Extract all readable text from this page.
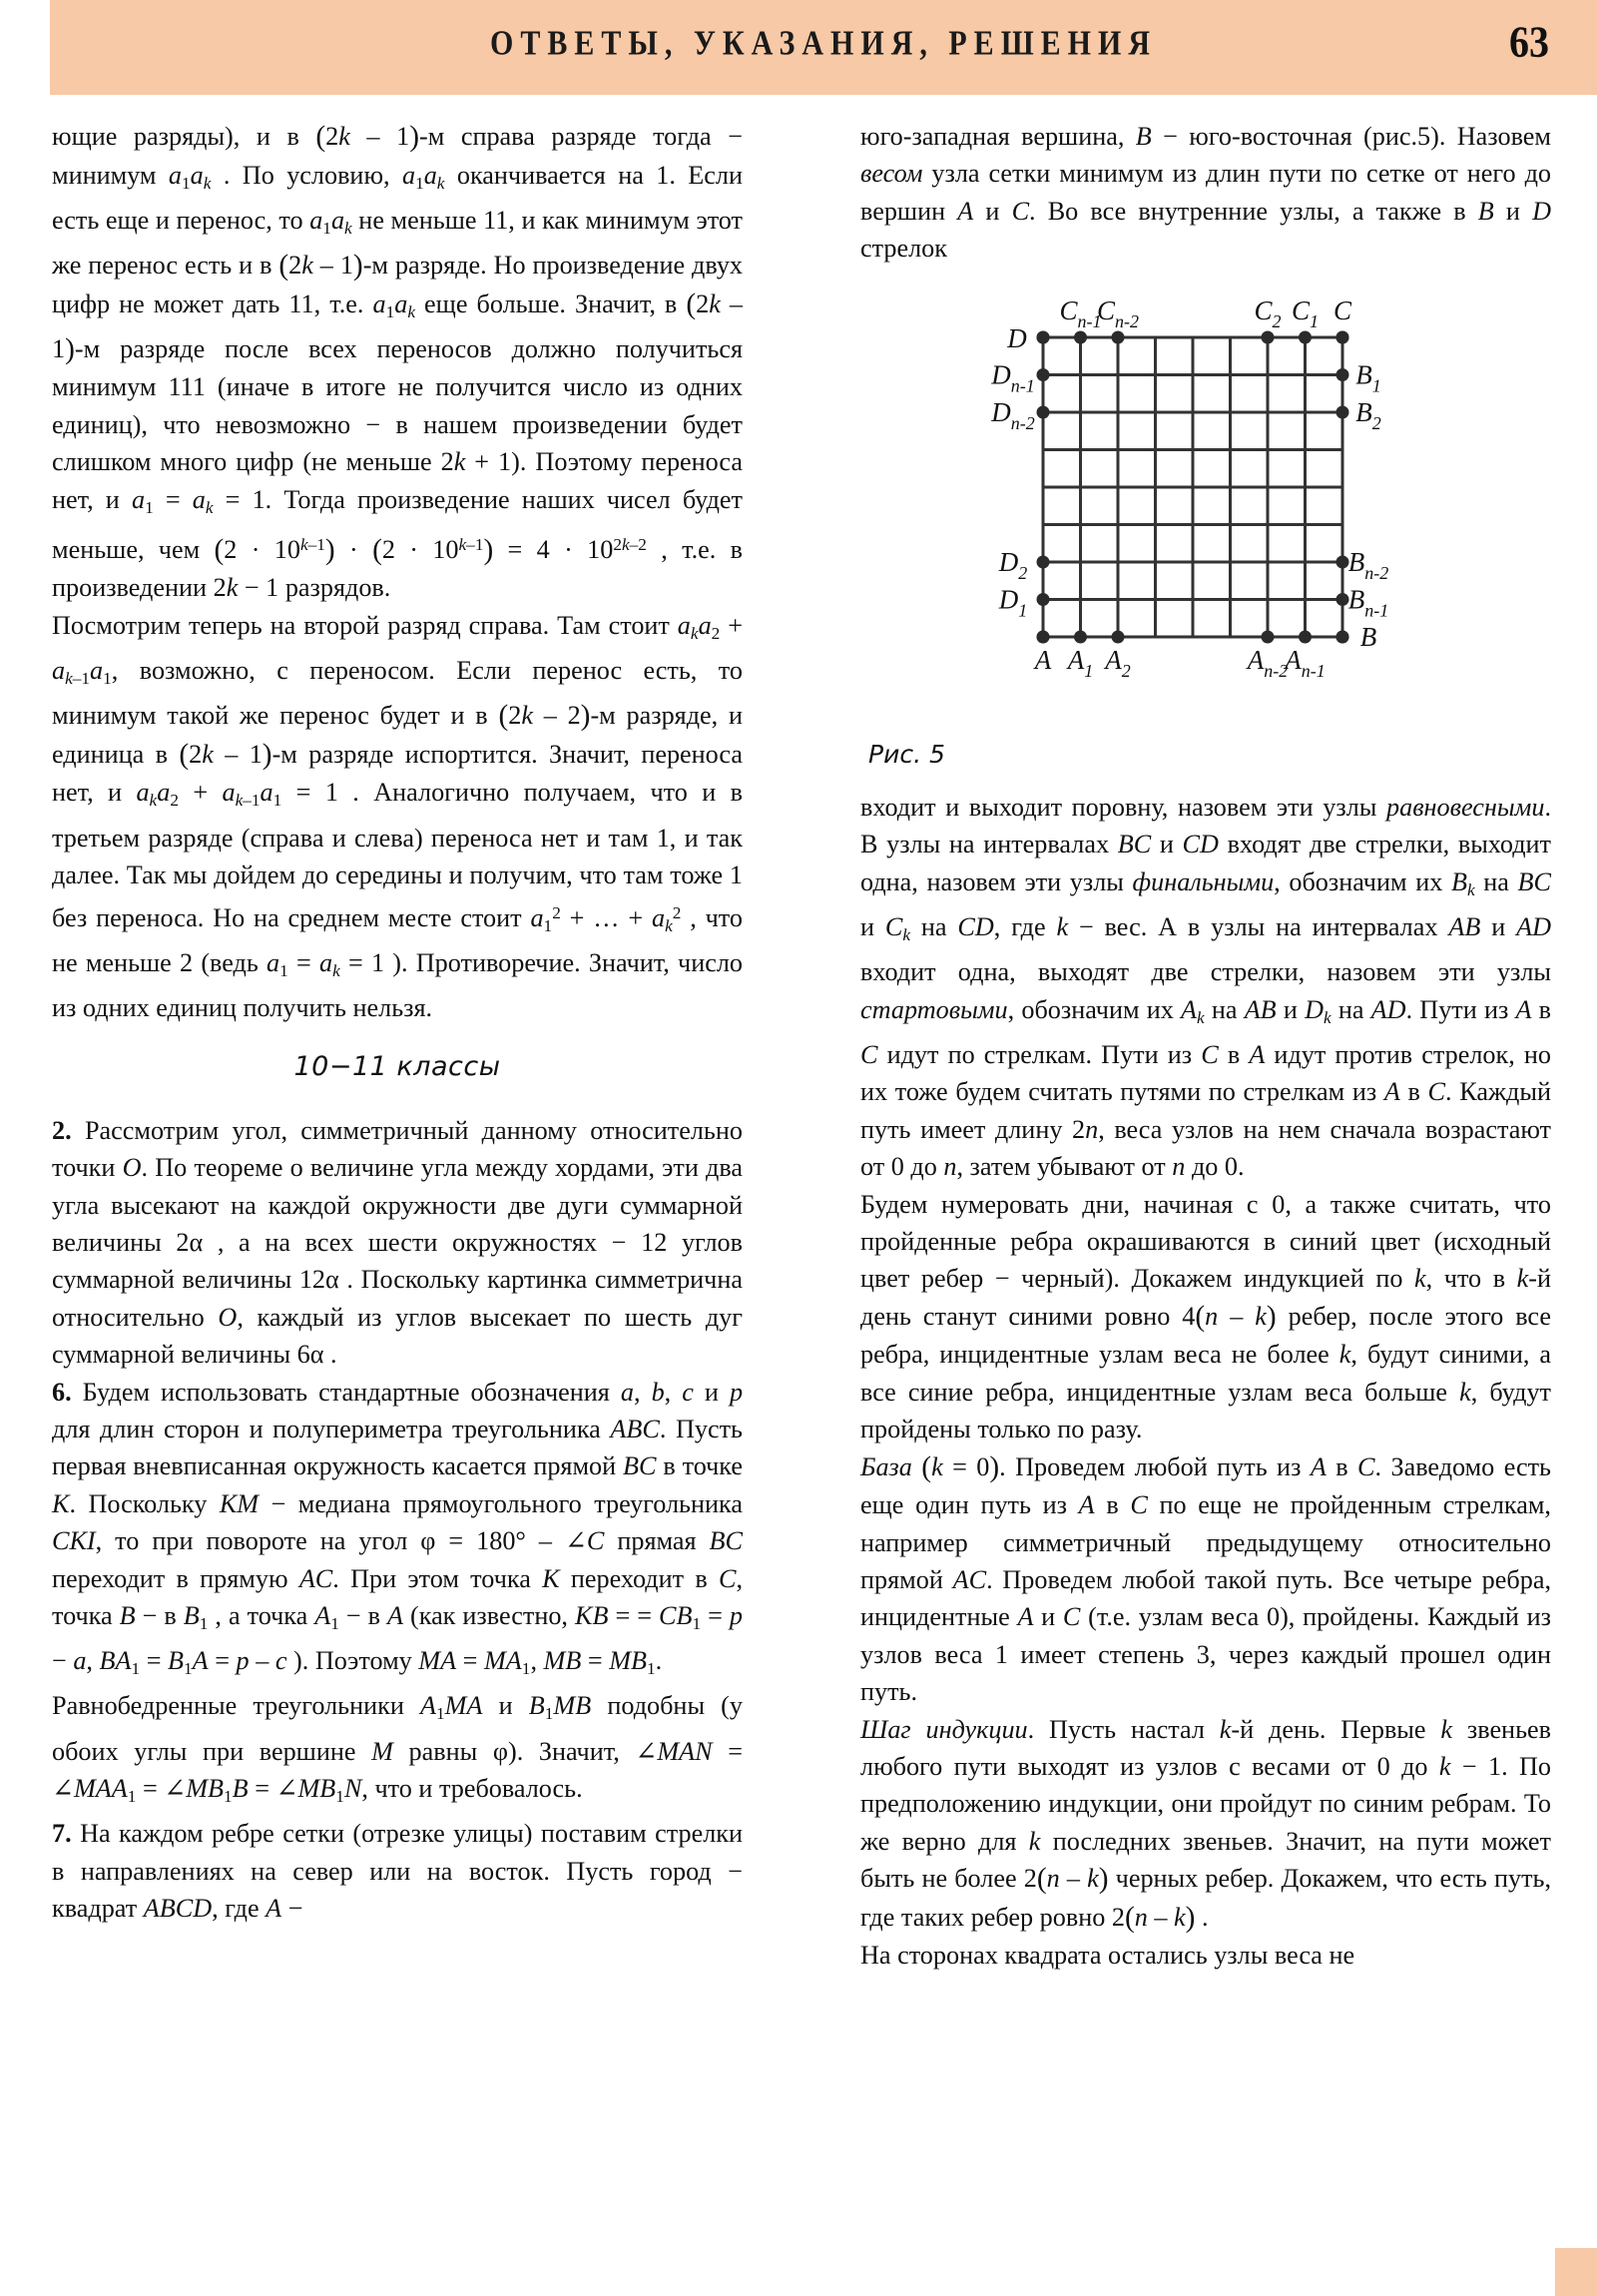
ОТВЕТЫ, УКАЗАНИЯ, РЕШЕНИЯ	63

ющие разряды), и в (2k – 1)-м справа разряде тогда − минимум $a_1a_k$ . По условию, $a_1a_k$ оканчивается на 1. Если есть еще и перенос, то $a_1a_k$ не меньше 11, и как минимум этот же перенос есть и в (2k – 1)-м разряде. Но произведение двух цифр не может дать 11, т.е. $a_1a_k$ еще больше. Значит, в (2k – 1)-м разряде после всех переносов должно получиться минимум 111 (иначе в итоге не получится число из одних единиц), что невозможно − в нашем произведении будет слишком много цифр (не меньше 2k + 1). Поэтому переноса нет, и $a_1 = a_k = 1$. Тогда произведение наших чисел будет меньше, чем $(2 \cdot 10^{k-1}) \cdot (2 \cdot 10^{k-1}) = 4 \cdot 10^{2k-2}$ , т.е. в произведении 2k − 1 разрядов.

Посмотрим теперь на второй разряд справа. Там стоит $a_ka_2 + a_{k-1}a_1$, возможно, с переносом. Если перенос есть, то минимум такой же перенос будет и в (2k – 2)-м разряде, и единица в (2k – 1)-м разряде испортится. Значит, переноса нет, и $a_ka_2 + a_{k-1}a_1 = 1$ . Аналогично получаем, что и в третьем разряде (справа и слева) переноса нет и там 1, и так далее. Так мы дойдем до середины и получим, что там тоже 1 без переноса. Но на среднем месте стоит $a_1^2$ + … + $a_k^2$ , что не меньше 2 (ведь $a_1 = a_k = 1$ ). Противоречие. Значит, число из одних единиц получить нельзя.

10−11 классы

2. Рассмотрим угол, симметричный данному относительно точки O. По теореме о величине угла между хордами, эти два угла высекают на каждой окружности две дуги суммарной величины 2α , а на всех шести окружностях − 12 углов суммарной величины 12α . Поскольку картинка симметрична относительно O, каждый из углов высекает по шесть дуг суммарной величины 6α .

6. Будем использовать стандартные обозначения a, b, c и p для длин сторон и полупериметра треугольника ABC. Пусть первая вневписанная окружность касается прямой BC в точке K. Поскольку KM − медиана прямоугольного треугольника CKI, то при повороте на угол φ = 180° – ∠C прямая BC переходит в прямую AC. При этом точка K переходит в C, точка B − в $B_1$ , а точка $A_1 - в$ A (как известно, KB = = $CB_1 = p - a$, $BA_1 = B_1A = p - c$ ). Поэтому MA = $MA_1$, MB = $MB_1$.

Равнобедренные треугольники $A_1MA$ и $B_1MB$ подобны (у обоих углы при вершине M равны φ). Значит, ∠MAN = $\angle MAA_1$ = $\angle MB_1B$ = $\angle MB_1N$, что и требовалось.

7. На каждом ребре сетки (отрезке улицы) поставим стрелки в направлениях на север или на восток. Пусть город − квадрат ABCD, где A −

юго-западная вершина, B − юго-восточная (рис.5). Назовем весом узла сетки минимум из длин пути по сетке от него до вершин A и C. Во все внутренние узлы, а также в B и D стрелок

$C_{n-1}$
$C_{n-2}$	$C_2$ $C_1$ C
D
$D_{n-1}$
$D_{n-2}$
$D_2$
$D_1$
$B_1$
$B_2$
$B_{n-2}$
$B_{n-1}$
B
A $A_1$ $A_2$	$A_{n-2}$
$A_{n-1}$
Рис. 5

входит и выходит поровну, назовем эти узлы равновесными. В узлы на интервалах BC и CD входят две стрелки, выходит одна, назовем эти узлы финальными, обозначим их $B_k$ на BC и $C_k$ на CD, где k − вес. А в узлы на интервалах AB и AD входит одна, выходят две стрелки, назовем эти узлы стартовыми, обозначим их $A_k$ на AB и $D_k$ на AD. Пути из A в C идут по стрелкам. Пути из C в A идут против стрелок, но их тоже будем считать путями по стрелкам из A в C. Каждый путь имеет длину 2n, веса узлов на нем сначала возрастают от 0 до n, затем убывают от n до 0.

Будем нумеровать дни, начиная с 0, а также считать, что пройденные ребра окрашиваются в синий цвет (исходный цвет ребер − черный). Докажем индукцией по k, что в k-й день станут синими ровно 4(n – k) ребер, после этого все ребра, инцидентные узлам веса не более k, будут синими, а все синие ребра, инцидентные узлам веса больше k, будут пройдены только по разу.

База (k = 0). Проведем любой путь из A в C. Заведомо есть еще один путь из A в C по еще не пройденным стрелкам, например симметричный предыдущему относительно прямой AC. Проведем любой такой путь. Все четыре ребра, инцидентные A и C (т.е. узлам веса 0), пройдены. Каждый из узлов веса 1 имеет степень 3, через каждый прошел один путь.

Шаг индукции. Пусть настал k-й день. Первые k звеньев любого пути выходят из узлов с весами от 0 до k − 1. По предположению индукции, они пройдут по синим ребрам. То же верно для k последних звеньев. Значит, на пути может быть не более 2(n – k) черных ребер. Докажем, что есть путь, где таких ребер ровно 2(n – k) .

На сторонах квадрата остались узлы веса не
